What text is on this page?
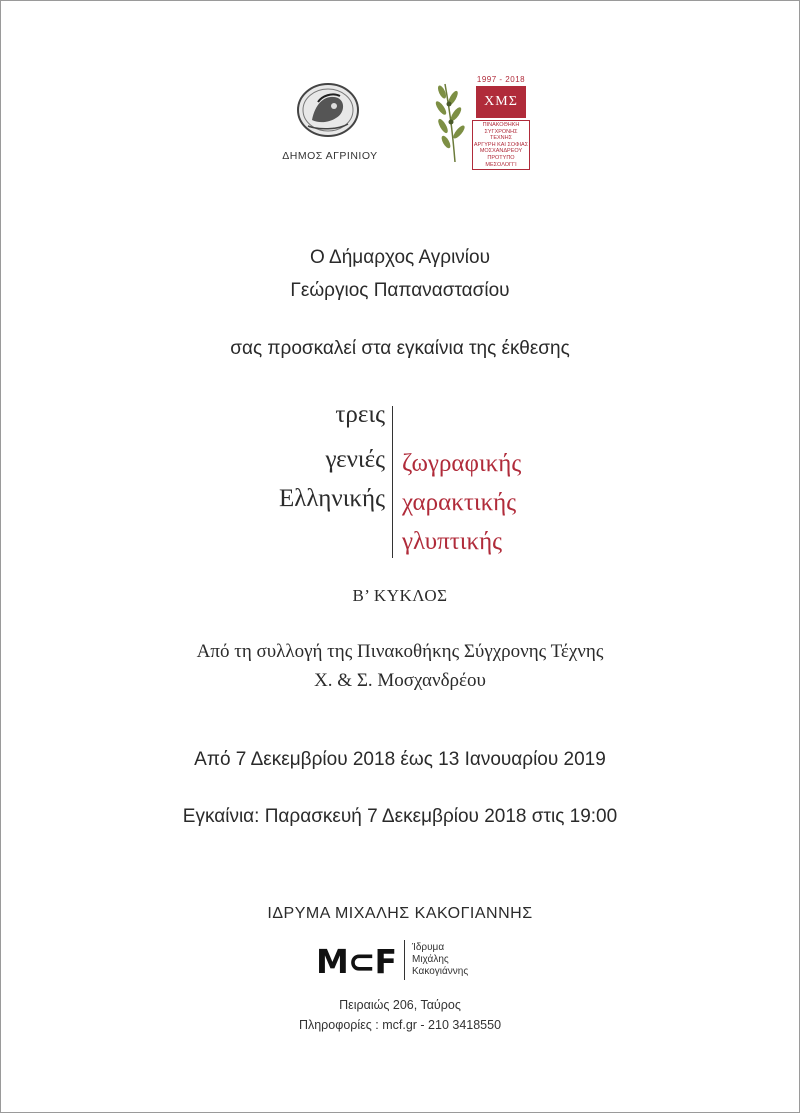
ΔΗΜΟΣ ΑΓΡΙΝΙΟΥ
1997 - 2018
ΧΜΣ
ΠΙΝΑΚΟΘΗΚΗ
ΣΥΓΧΡΟΝΗΣ ΤΕΧΝΗΣ
ΑΡΓΥΡΗ ΚΑΙ ΣΟΦΙΑΣ
ΜΟΣΧΑΝΔΡΕΟΥ
ΠΡΟΤΥΠΟ ΜΕΣΟΛΟΓΓΙ
Ο Δήμαρχος Αγρινίου
Γεώργιος Παπαναστασίου
σας προσκαλεί στα εγκαίνια της έκθεσης
τρεις
γενιές
Ελληνικής
ζωγραφικής
χαρακτικής
γλυπτικής
Β’ ΚΥΚΛΟΣ
Από τη συλλογή της Πινακοθήκης Σύγχρονης Τέχνης
Χ. & Σ. Μοσχανδρέου
Από 7 Δεκεμβρίου 2018 έως 13 Ιανουαρίου 2019
Εγκαίνια: Παρασκευή 7 Δεκεμβρίου 2018 στις 19:00
ΙΔΡΥΜΑ ΜΙΧΑΛΗΣ ΚΑΚΟΓΙΑΝΝΗΣ
M⊂F Ίδρυμα
Μιχάλης
Κακογιάννης
Πειραιώς 206, Ταύρος
Πληροφορίες : mcf.gr - 210 3418550
